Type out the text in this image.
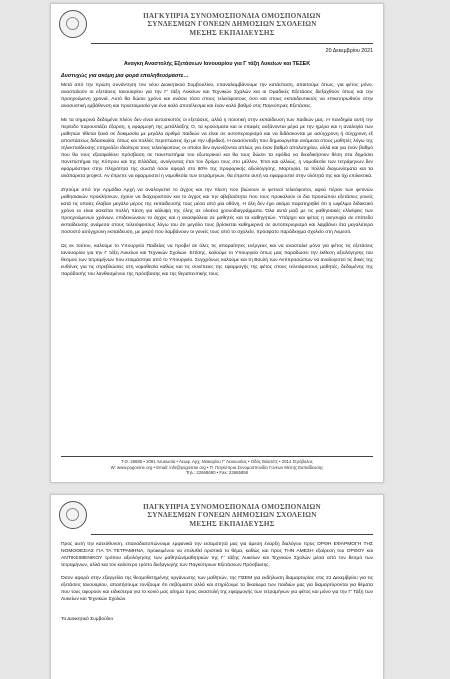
ΠΑΓΚΥΠΡΙΑ ΣΥΝΟΜΟΣΠΟΝΔΙΑ ΟΜΟΣΠΟΝΔΙΩΝ
ΣΥΝΔΕΣΜΩΝ ΓΟΝΕΩΝ ΔΗΜΟΣΙΩΝ ΣΧΟΛΕΙΩΝ
ΜΕΣΗΣ ΕΚΠΑΙΔΕΥΣΗΣ
20 Δεκεμβρίου 2021
Αναγκη Αναστολής Εξετάσεων Ιανουαρίου για Γ τάξη Λυκείων και ΤΕΣΕΚ
Δυστυχώς για ακόμη μια φορά επαληθευόμαστε…

Μετά από την πρώτη συνάντηση του νέου Διοικητικού Συμβουλίου, επαναλαμβάνουμε την κατάσταση, απαιτούμε όπως, για φέτος μόνο, ανασταλούν οι εξετάσεις Ιανουαρίου για την Γ' τάξη Λυκείων και Τεχνικών Σχολών και οι Ομαδικές Εξετάσεις διεξαχθούν όπως και την προηγούμενη χρονιά. Αυτό θα δώσει χρόνο και ανάσα τόσο στους τελειόφοιτους όσο και στους εκπαιδευτικούς να επικεντρωθούν στην ανασυστική εμβάθυνση και προετοιμασία για ένα καλό αποτέλεσμα και έναν καλό βαθμό στις Παγκύπριες Εξετάσεις.

Με τα σημερινά δεδομένα πλέον δεν είναι αυτοσκοπός οι εξετάσεις, αλλά η ποιοτική στην εκπαίδευση των παιδιών μας. Η πανδημία αυτή την περίοδο παρουσιάζει έξαρση, η εφαρμογή της μετάλλαξης Ο, τα κρούσματα και οι επαφές αυξάνονται μέρα με την ημέρα και η αναλογία των μαθητών τίθεται ξανά σε δοκιμασία με μεγάλο αριθμό παιδιών να είναι σε αυτοπεριορισμό και να διδάσκονται με ασύγχρονη ή σύγχρονη εξ αποστάσεως διδασκαλία, όπως και πολλές περιπτώσεις όχι με την υβριδική. Η ανασύνταξη που δημιουργείται ανάμεσα στους μαθητές λόγω της τηλεκπαίδευσης επηρεάζει ιδιαίτερα τους τελειόφοιτους οι οποίοι δεν αγωνίζονται απλώς για έναν βαθμό απολυτηρίου, αλλά και για έναν βαθμό που θα τους εξασφαλίσει πρόσβαση σε πανεπιστήμια του εξωτερικού και θα τους δώσει τα εφόδια να διεκδικήσουν θέση στα δημόσια πανεπιστήμια της Κύπρου και της Ελλάδας, ανοίγοντας έτσι τον δρόμο τους στο μέλλον. Έτσι και αλλιώς, η νομοθεσία των τετράμηνων δεν εφαρμόστηκε στην πληρότητα της σωστά όσον αφορά στο 60% της προφορικής αξιολόγησης. Μαρτυρία, τα πολλά διαγωνίσματα και τα ανάπαρκτα project. Αν έπρεπε να εφαρμοστεί η νομοθεσία των τετράμηνων, θα έπρεπε αυτή να εφαρμοστεί στην ολότητά της και όχι επιλεκτικά.

Ζητούμε από την Αρμόδια Αρχή να αναλογιστεί το άγχος και την πίεση που βιώνουν οι φετινοί τελειόφοιτοι, αφού πέραν των φετινών μαθησιακών προκλήσεων, έχουν να διαχειριστούν και το άγχος και την αβεβαιότητα που τους προκαλούν οι δια προσώπου εξετάσεις γονείς κατά τις οποίες έλαβαν μεγάλο μέρος της εκπαίδευσής τους μέσα από μία οθόνη. Η όλη δεν έχει ακόμα παρατηρηθεί ότι η ωφέλιμο διδακτικό χρόνο εν είναι ασκείται πολλή πίεση για κάλυψη της ύλης σε ολοένα χρονοδιαγράμματα. Όλα αυτά μαζί με τις μαθησιακές ελλείψεις των προηγούμενων χρόνων, επιδεινώνουν το άγχος και η ανασφάλεια σε μαθητές και τα καθηγητών. Υπάρχει και φέτος η ανησυχία σε επίπεδο εκπαίδευσης ανάμεσα στους τελειόφοιτους λόγω του ότι μεγάλο τους βρίσκεται καθημερινά σε αυτοπεριορισμό και λαμβάνει ότα μεγαλύτερα ποσοστό ασύγχρονη εκπαίδευση, με μικρό που λαμβάνουν οι γονείς τους από το σχολείο, πρόσφατο παράδειγμα σχολείο στη Λεμεσό.

Ως εκ τούτου, καλούμε το Υπουργείο Παιδείας να προβεί σε όλες τις απαραίτητες ενέργειες και να ανασταλεί μόνο για φέτος τις εξετάσεις Ιανουαρίου για την Γ τάξη Λυκείων και Τεχνικών Σχολών. Επίσης, καλούμε το Υπουργείο όπως μας παραδώσει την έκθεση αξιολόγησης του θεσμού των τετραμήνων που ετοιμάστηκε από το Υπουργείο. Συγχρόνως καλούμε και τη Βουλή των Αντιπροσώπων να αναλογιστεί τις δικές της ευθύνες για τις στρεβλώσεις στη νομοθεσία καθώς και τις συνέπειες της εφαρμογής της φέτος στους τελειόφοιτους μαθητές, δεδομένης της παράδοσής του λανθασμένου της πρόσβασης και της θεραπευτικής τους.

Τ.Θ. 28685 • 2081 Λευκωσία • Λεωφ. Αρχ. Μακαρίου Γ' Λευκωσίας • Οδός Βιλατέτς • 2014 Στρόβολος
W: www.pogosme.org • Email: info@pogosme.org • Π. Παγκύπρια Συνομοσπονδία Γονέων Μέσης Εκπαίδευσης
Τηλ.: 22668690 • Fax: 22665858
ΠΑΓΚΥΠΡΙΑ ΣΥΝΟΜΟΣΠΟΝΔΙΑ ΟΜΟΣΠΟΝΔΙΩΝ
ΣΥΝΔΕΣΜΩΝ ΓΟΝΕΩΝ ΔΗΜΟΣΙΩΝ ΣΧΟΛΕΙΩΝ
ΜΕΣΗΣ ΕΚΠΑΙΔΕΥΣΗΣ

Προς αυτή την κατεύθυνση, επαναδιατυπώνουμε εμφανικά την εισαμότητά μας για άμεση έναρξη διαλόγου προς ΟΡΘΗ ΕΦΑΡΜΟΓΗ ΤΗΣ ΝΟΜΟΘΕΣΙΑΣ ΓΙΑ ΤΑ ΤΕΤΡΑΜΗΝΑ, προκειμένου να επιλυθεί οριστικά το θέμα, καθώς και προς ΤΗΝ ΑΜΕΣΗ εξαίρεση του ΟΡΘΟΥ και ΑΝΤΙΚΕΙΜΕΝΙΚΟΥ τρόπου αξιολόγησης των μαθητών/μαθητριών της Γ' τάξης Λυκείων και Τεχνικών Σχολών μέσα από τον θεσμό των τετραμήνων, αλλά και τον καλύτερο τρόπο διεξαγωγής των Παγκύπριων Εξετάσεων Πρόσβασης.

Όσον αφορά στην εξαγγελία της θεσμοθετημένης οργάνωσης των μαθητών, της ΠΣΕΜ για εκδήλωση διαμαρτυρίας στις 21 Δεκεμβρίου για τις εξετάσεις Ιανουαρίου, απαιτήσουμε τονίζουμε ότι σεβόμαστε αλλά και στηρίζουμε τα δικαίωμα των παιδιών μας για διαμαρτύρονται για θέματα που τους αφορούν και ειδικότερα για το κοινό μας αίτημα προς αναστολή της εφαρμογής των τετραμήνων για φέτος και μόνο για την Γ' Τάξη των Λυκείων και Τεχνικών Σχολών.

Το Διοικητικό Συμβούλιο
